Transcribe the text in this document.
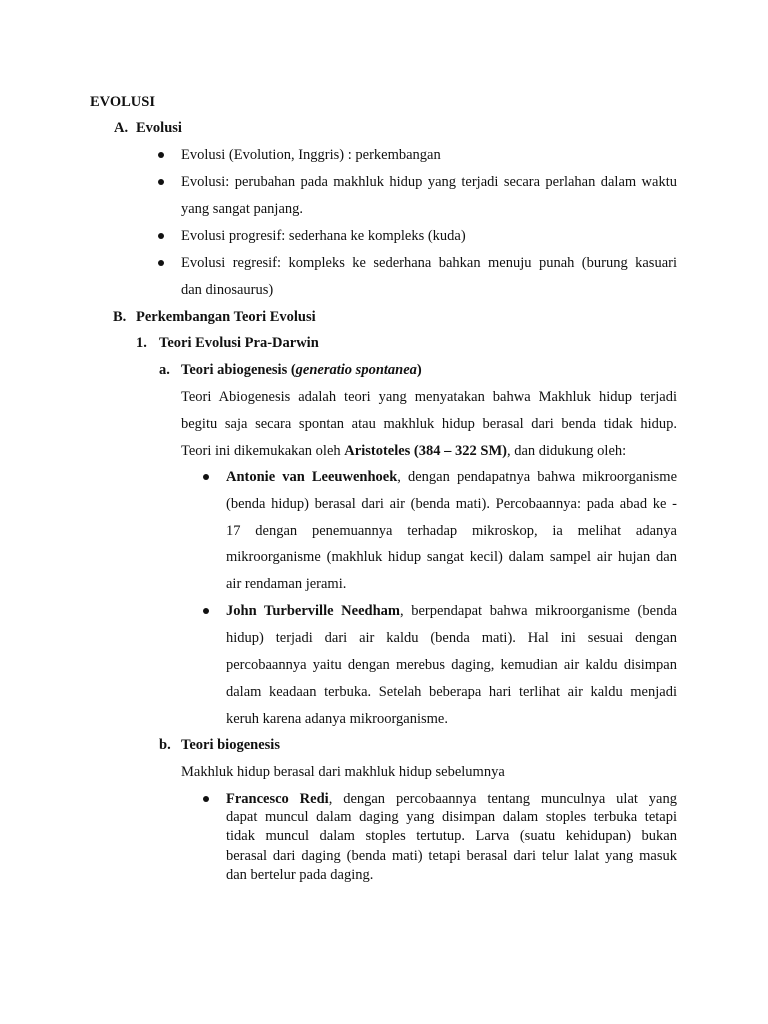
EVOLUSI
A. Evolusi
Evolusi (Evolution, Inggris) : perkembangan
Evolusi: perubahan pada makhluk hidup yang terjadi secara perlahan dalam waktu
yang sangat panjang.
Evolusi progresif: sederhana ke kompleks (kuda)
Evolusi regresif: kompleks ke sederhana bahkan menuju punah (burung kasuari
dan dinosaurus)
B. Perkembangan Teori Evolusi
1. Teori Evolusi Pra-Darwin
a. Teori abiogenesis (generatio spontanea)
Teori Abiogenesis adalah teori yang menyatakan bahwa Makhluk hidup terjadi
begitu saja secara spontan atau makhluk hidup berasal dari benda tidak hidup.
Teori ini dikemukakan oleh Aristoteles (384 – 322 SM), dan didukung oleh:
Antonie van Leeuwenhoek, dengan pendapatnya bahwa mikroorganisme
(benda hidup) berasal dari air (benda mati). Percobaannya: pada abad ke -
17 dengan penemuannya terhadap mikroskop, ia melihat adanya
mikroorganisme (makhluk hidup sangat kecil) dalam sampel air hujan dan
air rendaman jerami.
John Turberville Needham, berpendapat bahwa mikroorganisme (benda
hidup) terjadi dari air kaldu (benda mati). Hal ini sesuai dengan
percobaannya yaitu dengan merebus daging, kemudian air kaldu disimpan
dalam keadaan terbuka. Setelah beberapa hari terlihat air kaldu menjadi
keruh karena adanya mikroorganisme.
b. Teori biogenesis
Makhluk hidup berasal dari makhluk hidup sebelumnya
Francesco Redi, dengan percobaannya tentang munculnya ulat yang
dapat muncul dalam daging yang disimpan dalam stoples terbuka tetapi
tidak muncul dalam stoples tertutup. Larva (suatu kehidupan) bukan
berasal dari daging (benda mati) tetapi berasal dari telur lalat yang masuk
dan bertelur pada daging.
